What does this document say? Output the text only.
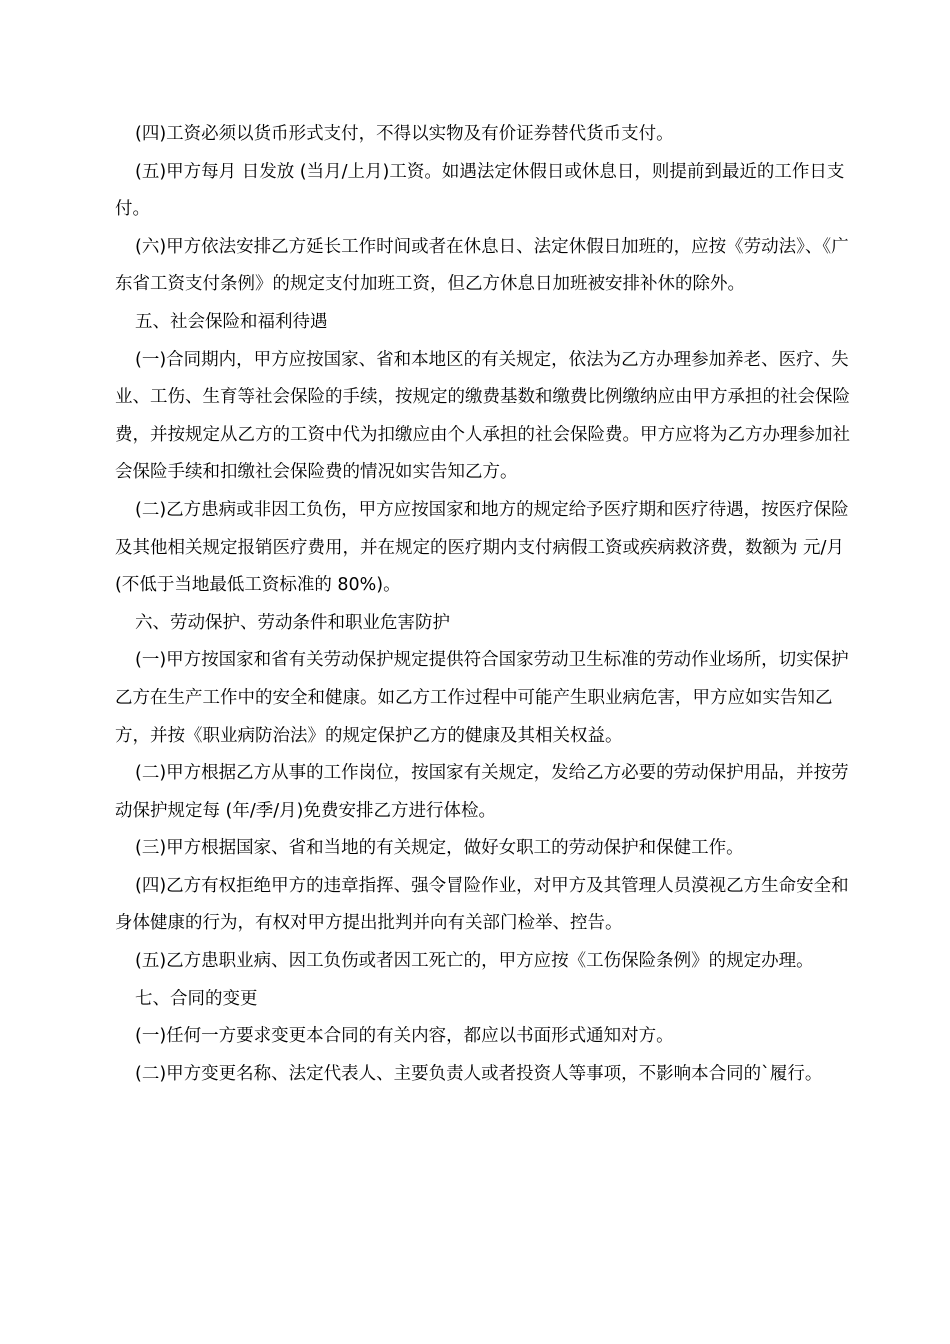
(四)工资必须以货币形式支付，不得以实物及有价证券替代货币支付。

(五)甲方每月 日发放 (当月/上月)工资。如遇法定休假日或休息日，则提前到最近的工作日支付。

(六)甲方依法安排乙方延长工作时间或者在休息日、法定休假日加班的，应按《劳动法》、《广东省工资支付条例》的规定支付加班工资，但乙方休息日加班被安排补休的除外。

五、社会保险和福利待遇

(一)合同期内，甲方应按国家、省和本地区的有关规定，依法为乙方办理参加养老、医疗、失业、工伤、生育等社会保险的手续，按规定的缴费基数和缴费比例缴纳应由甲方承担的社会保险费，并按规定从乙方的工资中代为扣缴应由个人承担的社会保险费。甲方应将为乙方办理参加社会保险手续和扣缴社会保险费的情况如实告知乙方。

(二)乙方患病或非因工负伤，甲方应按国家和地方的规定给予医疗期和医疗待遇，按医疗保险及其他相关规定报销医疗费用，并在规定的医疗期内支付病假工资或疾病救济费，数额为 元/月(不低于当地最低工资标准的 80%)。

六、劳动保护、劳动条件和职业危害防护

(一)甲方按国家和省有关劳动保护规定提供符合国家劳动卫生标准的劳动作业场所，切实保护乙方在生产工作中的安全和健康。如乙方工作过程中可能产生职业病危害，甲方应如实告知乙方，并按《职业病防治法》的规定保护乙方的健康及其相关权益。

(二)甲方根据乙方从事的工作岗位，按国家有关规定，发给乙方必要的劳动保护用品，并按劳动保护规定每 (年/季/月)免费安排乙方进行体检。

(三)甲方根据国家、省和当地的有关规定，做好女职工的劳动保护和保健工作。

(四)乙方有权拒绝甲方的违章指挥、强令冒险作业，对甲方及其管理人员漠视乙方生命安全和身体健康的行为，有权对甲方提出批判并向有关部门检举、控告。

(五)乙方患职业病、因工负伤或者因工死亡的，甲方应按《工伤保险条例》的规定办理。

七、合同的变更

(一)任何一方要求变更本合同的有关内容，都应以书面形式通知对方。

(二)甲方变更名称、法定代表人、主要负责人或者投资人等事项，不影响本合同的`履行。
